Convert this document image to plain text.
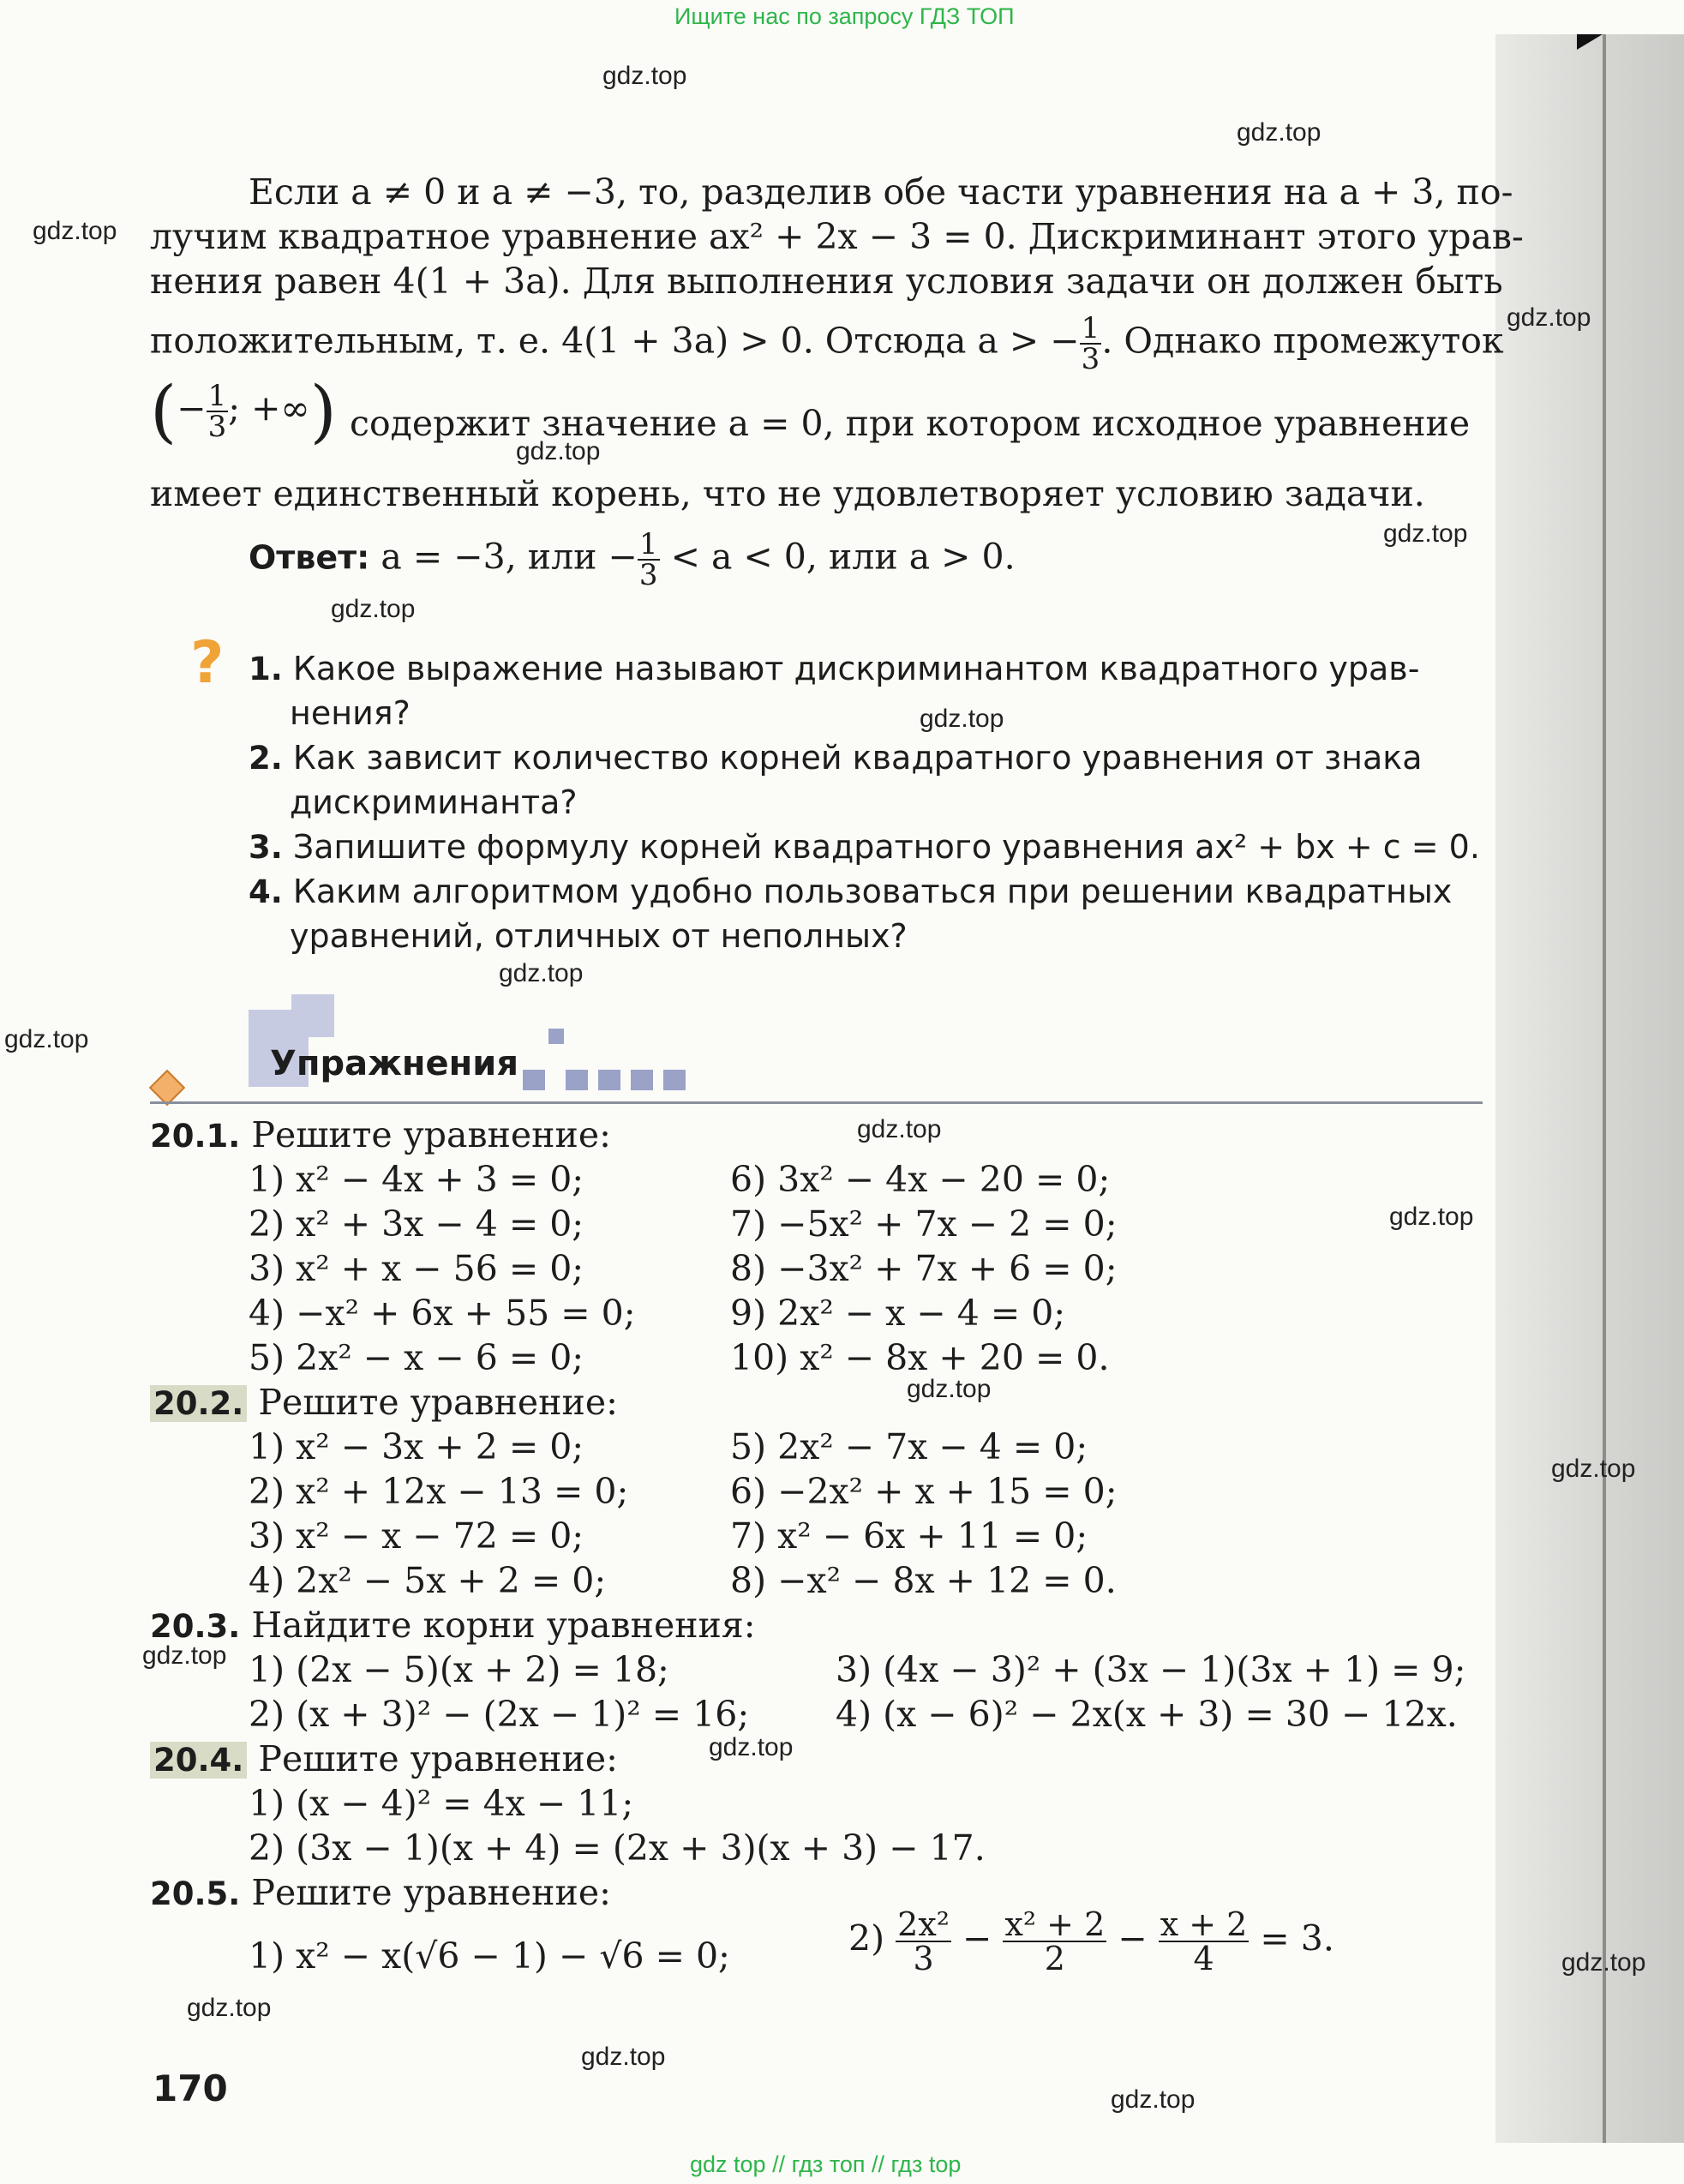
Ищите нас по запросу ГДЗ ТОП
gdz.top
gdz.top
gdz.top
gdz.top
gdz.top
gdz.top
gdz.top
gdz.top
gdz.top
gdz.top
gdz.top
gdz.top
gdz.top
gdz.top
gdz.top
gdz.top
gdz.top
gdz.top
gdz.top
gdz.top
Если a ≠ 0 и a ≠ −3, то, разделив обе части уравнения на a + 3, по-
лучим квадратное уравнение ax² + 2x − 3 = 0. Дискриминант этого урав-
нения равен 4(1 + 3a). Для выполнения условия задачи он должен быть
положительным, т. е. 4(1 + 3a) > 0. Отсюда a > − $\frac{1}{3}$ . Однако промежуток
(− $\frac{1}{3}$ ; +∞) содержит значение a = 0, при котором исходное уравнение
имеет единственный корень, что не удовлетворяет условию задачи.
Ответ: a = −3, или − $\frac{1}{3} < a < 0$, или a > 0.
? 1. Какое выражение называют дискриминантом квадратного урав-
нения?
2. Как зависит количество корней квадратного уравнения от знака
дискриминанта?
3. Запишите формулу корней квадратного уравнения ax² + bx + c = 0.
4. Каким алгоритмом удобно пользоваться при решении квадратных
уравнений, отличных от неполных?
Упражнения
20.1. Решите уравнение:
1) x² − 4x + 3 = 0;
2) x² + 3x − 4 = 0;
3) x² + x − 56 = 0;
4) −x² + 6x + 55 = 0;
5) 2x² − x − 6 = 0;
6) 3x² − 4x − 20 = 0;
7) −5x² + 7x − 2 = 0;
8) −3x² + 7x + 6 = 0;
9) 2x² − x − 4 = 0;
10) x² − 8x + 20 = 0.
20.2. Решите уравнение:
1) x² − 3x + 2 = 0;
2) x² + 12x − 13 = 0;
3) x² − x − 72 = 0;
4) 2x² − 5x + 2 = 0;
5) 2x² − 7x − 4 = 0;
6) −2x² + x + 15 = 0;
7) x² − 6x + 11 = 0;
8) −x² − 8x + 12 = 0.
20.3. Найдите корни уравнения:
1) (2x − 5)(x + 2) = 18;
2) (x + 3)² − (2x − 1)² = 16;
3) (4x − 3)² + (3x − 1)(3x + 1) = 9;
4) (x − 6)² − 2x(x + 3) = 30 − 12x.
20.4. Решите уравнение:
1) (x − 4)² = 4x − 11;
2) (3x − 1)(x + 4) = (2x + 3)(x + 3) − 17.
20.5. Решите уравнение:
1) x² − x(√6 − 1) − √6 = 0;	$2) \frac{\text{2x²}}{3} - \frac{\text{x² + 2}}{2} - \frac{x + 2}{4} = 3$.
170
gdz top // гдз топ // гдз top
